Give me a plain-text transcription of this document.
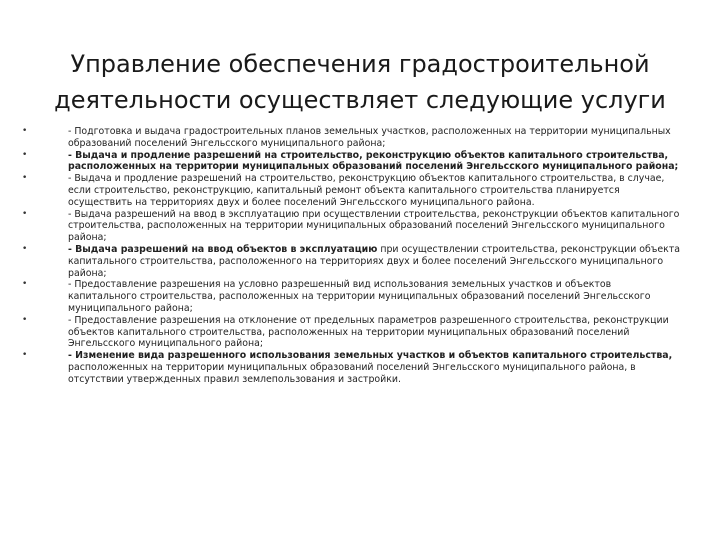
Управление обеспечения градостроительной
деятельности осуществляет следующие услуги
•	- Подготовка и выдача градостроительных планов земельных участков, расположенных на территории муниципальных образований поселений Энгельсского муниципального района;
•	- Выдача и продление разрешений на строительство, реконструкцию объектов капитального строительства, расположенных на территории муниципальных образований поселений Энгельсского муниципального района;
•	- Выдача и продление разрешений на строительство, реконструкцию объектов капитального строительства, в случае, если строительство, реконструкцию, капитальный ремонт объекта капитального строительства планируется осуществить на территориях двух и более поселений Энгельсского муниципального района.
•	- Выдача разрешений на ввод в эксплуатацию при осуществлении строительства, реконструкции объектов капитального строительства, расположенных на территории муниципальных образований поселений Энгельсского муниципального района;
•	- Выдача разрешений на ввод объектов в эксплуатацию при осуществлении строительства, реконструкции объекта капитального строительства, расположенного на территориях двух и более поселений Энгельсского муниципального района;
•	- Предоставление разрешения на условно разрешенный вид использования земельных участков и объектов капитального строительства, расположенных на территории муниципальных образований поселений Энгельсского муниципального района;
•	- Предоставление разрешения на отклонение от предельных параметров разрешенного строительства, реконструкции объектов капитального строительства, расположенных на территории муниципальных образований поселений Энгельсского муниципального района;
•	- Изменение вида разрешенного использования земельных участков и объектов капитального строительства, расположенных на территории муниципальных образований поселений Энгельсского муниципального района, в отсутствии утвержденных правил землепользования и застройки.
